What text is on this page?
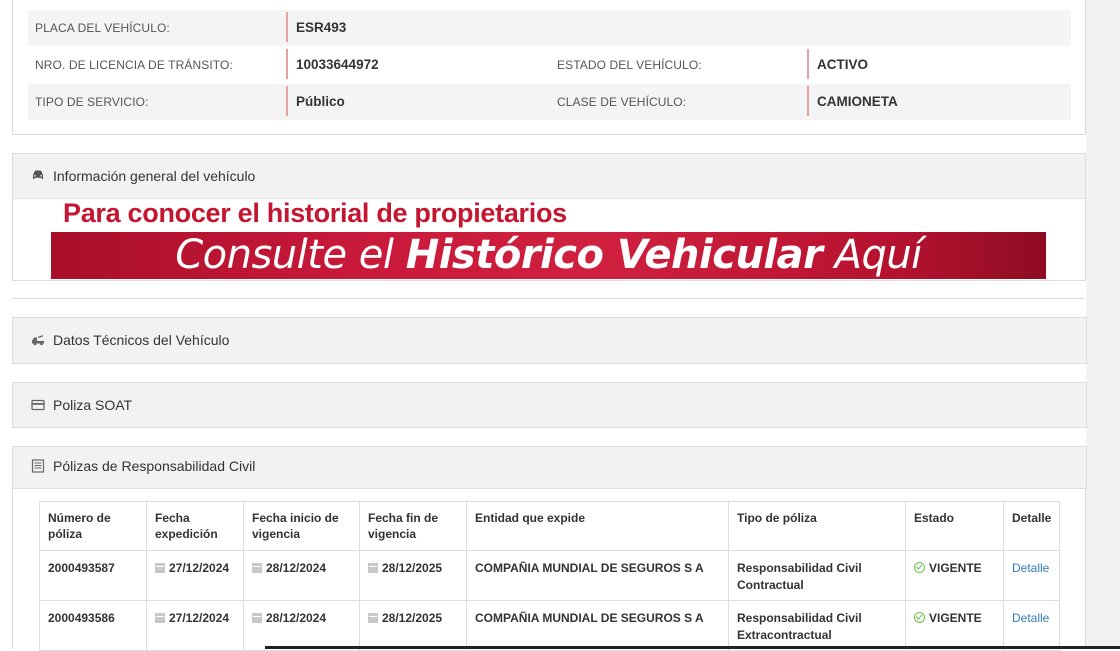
PLACA DEL VEHÍCULO:	ESR493
NRO. DE LICENCIA DE TRÁNSITO:	10033644972	ESTADO DEL VEHÍCULO:	ACTIVO
TIPO DE SERVICIO:	Público	CLASE DE VEHÍCULO:	CAMIONETA
Información general del vehículo
Para conocer el historial de propietarios
Consulte el Histórico Vehicular Aquí
Datos Técnicos del Vehículo
Poliza SOAT
Pólizas de Responsabilidad Civil
Número de póliza	Fecha expedición	Fecha inicio de vigencia	Fecha fin de vigencia	Entidad que expide	Tipo de póliza	Estado	Detalle
2000493587	27/12/2024	28/12/2024	28/12/2025	COMPAÑIA MUNDIAL DE SEGUROS S A	Responsabilidad Civil Contractual	VIGENTE	Detalle
2000493586	27/12/2024	28/12/2024	28/12/2025	COMPAÑIA MUNDIAL DE SEGUROS S A	Responsabilidad Civil Extracontractual	VIGENTE	Detalle
